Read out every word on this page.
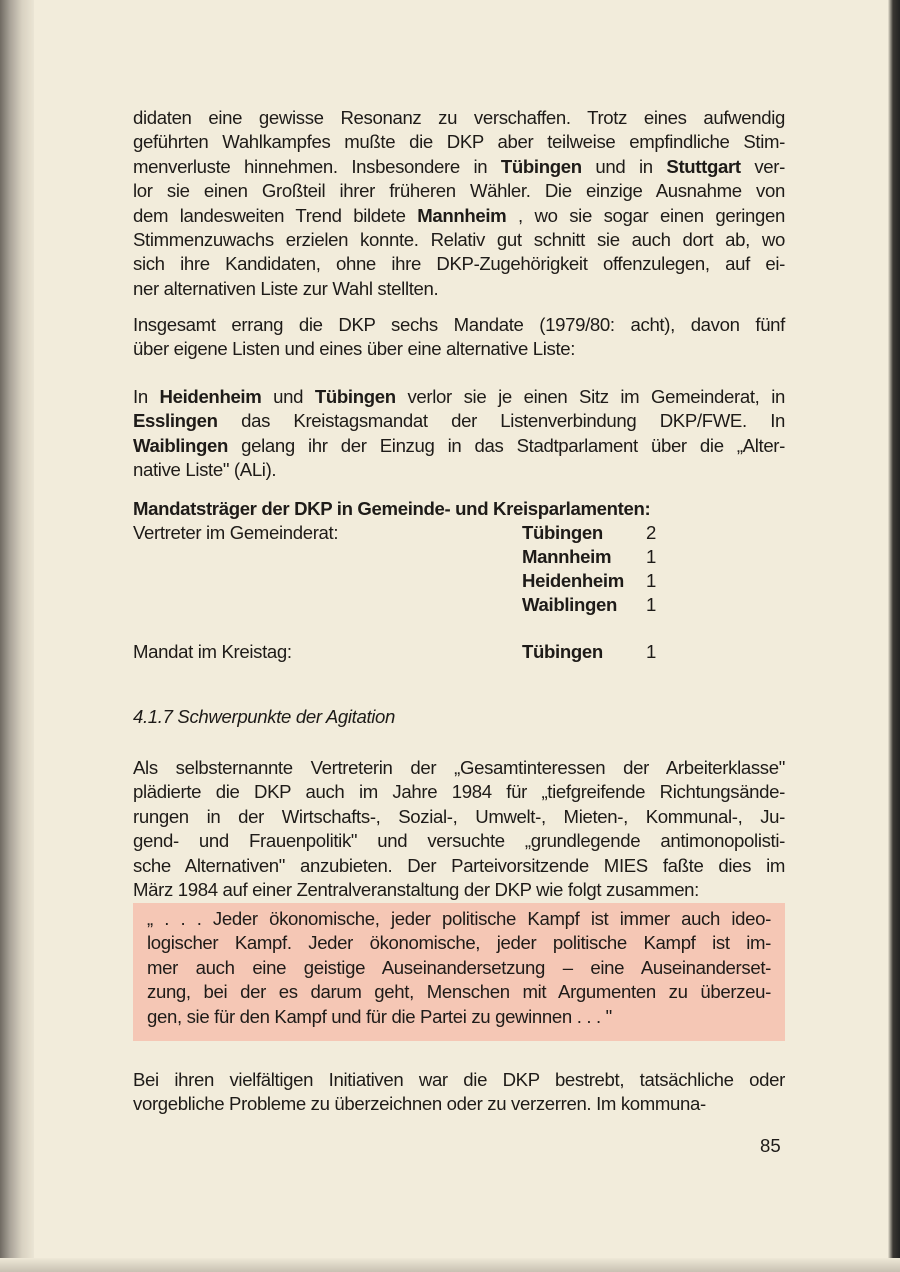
didaten eine gewisse Resonanz zu verschaffen. Trotz eines aufwendig
geführten Wahlkampfes mußte die DKP aber teilweise empfindliche Stim-
menverluste hinnehmen. Insbesondere in Tübingen und in Stuttgart ver-
lor sie einen Großteil ihrer früheren Wähler. Die einzige Ausnahme von
dem landesweiten Trend bildete Mannheim , wo sie sogar einen geringen
Stimmenzuwachs erzielen konnte. Relativ gut schnitt sie auch dort ab, wo
sich ihre Kandidaten, ohne ihre DKP-Zugehörigkeit offenzulegen, auf ei-
ner alternativen Liste zur Wahl stellten.
Insgesamt errang die DKP sechs Mandate (1979/80: acht), davon fünf
über eigene Listen und eines über eine alternative Liste:
In Heidenheim und Tübingen verlor sie je einen Sitz im Gemeinderat, in
Esslingen das Kreistagsmandat der Listenverbindung DKP/FWE. In
Waiblingen gelang ihr der Einzug in das Stadtparlament über die „Alter-
native Liste" (ALi).
Mandatsträger der DKP in Gemeinde- und Kreisparlamenten:
Vertreter im Gemeinderat:	Tübingen 2
Mannheim 1
Heidenheim 1
Waiblingen 1
Mandat im Kreistag:	Tübingen 1
4.1.7 Schwerpunkte der Agitation
Als selbsternannte Vertreterin der „Gesamtinteressen der Arbeiterklasse"
plädierte die DKP auch im Jahre 1984 für „tiefgreifende Richtungsände-
rungen in der Wirtschafts-, Sozial-, Umwelt-, Mieten-, Kommunal-, Ju-
gend- und Frauenpolitik" und versuchte „grundlegende antimonopolisti-
sche Alternativen" anzubieten. Der Parteivorsitzende MIES faßte dies im
März 1984 auf einer Zentralveranstaltung der DKP wie folgt zusammen:
„ . . . Jeder ökonomische, jeder politische Kampf ist immer auch ideo-
logischer Kampf. Jeder ökonomische, jeder politische Kampf ist im-
mer auch eine geistige Auseinandersetzung – eine Auseinanderset-
zung, bei der es darum geht, Menschen mit Argumenten zu überzeu-
gen, sie für den Kampf und für die Partei zu gewinnen . . . "
Bei ihren vielfältigen Initiativen war die DKP bestrebt, tatsächliche oder
vorgebliche Probleme zu überzeichnen oder zu verzerren. Im kommuna-
85
